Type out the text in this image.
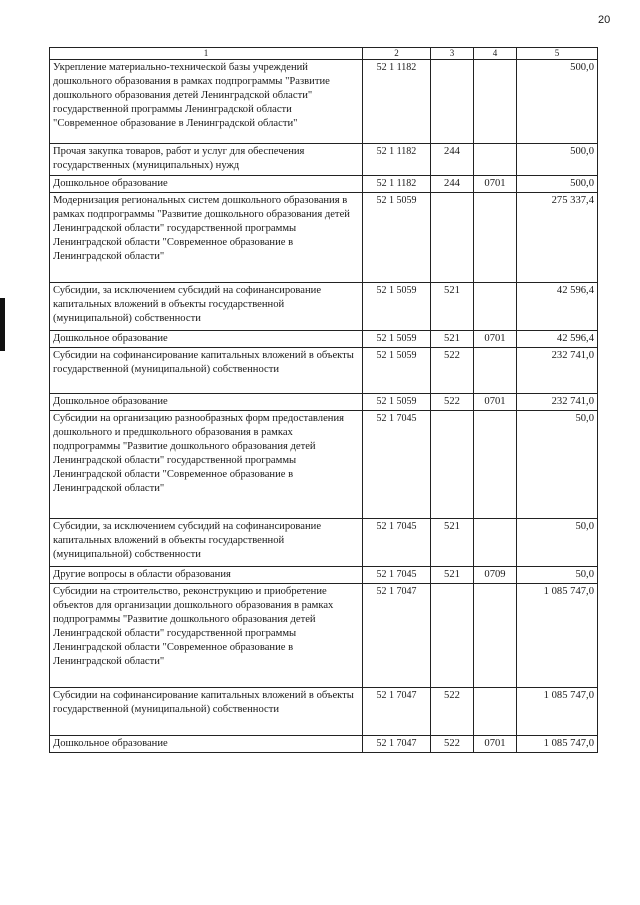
20
1	2	3	4	5
Укрепление материально-технической базы учреждений дошкольного образования в рамках подпрограммы "Развитие дошкольного образования детей Ленинградской области" государственной программы Ленинградской области "Современное образование в Ленинградской области"	52 1 1182			500,0
Прочая закупка товаров, работ и услуг для обеспечения государственных (муниципальных) нужд	52 1 1182	244		500,0
Дошкольное образование	52 1 1182	244	0701	500,0
Модернизация региональных систем дошкольного образования в рамках подпрограммы "Развитие дошкольного образования детей Ленинградской области" государственной программы Ленинградской области "Современное образование в Ленинградской области"	52 1 5059			275 337,4
Субсидии, за исключением субсидий на софинансирование капитальных вложений в объекты государственной (муниципальной) собственности	52 1 5059	521		42 596,4
Дошкольное образование	52 1 5059	521	0701	42 596,4
Субсидии на софинансирование капитальных вложений в объекты государственной (муниципальной) собственности	52 1 5059	522		232 741,0
Дошкольное образование	52 1 5059	522	0701	232 741,0
Субсидии на организацию разнообразных форм предоставления дошкольного и предшкольного образования в рамках подпрограммы "Развитие дошкольного образования детей Ленинградской области" государственной программы Ленинградской области "Современное образование в Ленинградской области"	52 1 7045			50,0
Субсидии, за исключением субсидий на софинансирование капитальных вложений в объекты государственной (муниципальной) собственности	52 1 7045	521		50,0
Другие вопросы в области образования	52 1 7045	521	0709	50,0
Субсидии на строительство, реконструкцию и приобретение объектов для организации дошкольного образования в рамках подпрограммы "Развитие дошкольного образования детей Ленинградской области" государственной программы Ленинградской области "Современное образование в Ленинградской области"	52 1 7047			1 085 747,0
Субсидии на софинансирование капитальных вложений в объекты государственной (муниципальной) собственности	52 1 7047	522		1 085 747,0
Дошкольное образование	52 1 7047	522	0701	1 085 747,0
